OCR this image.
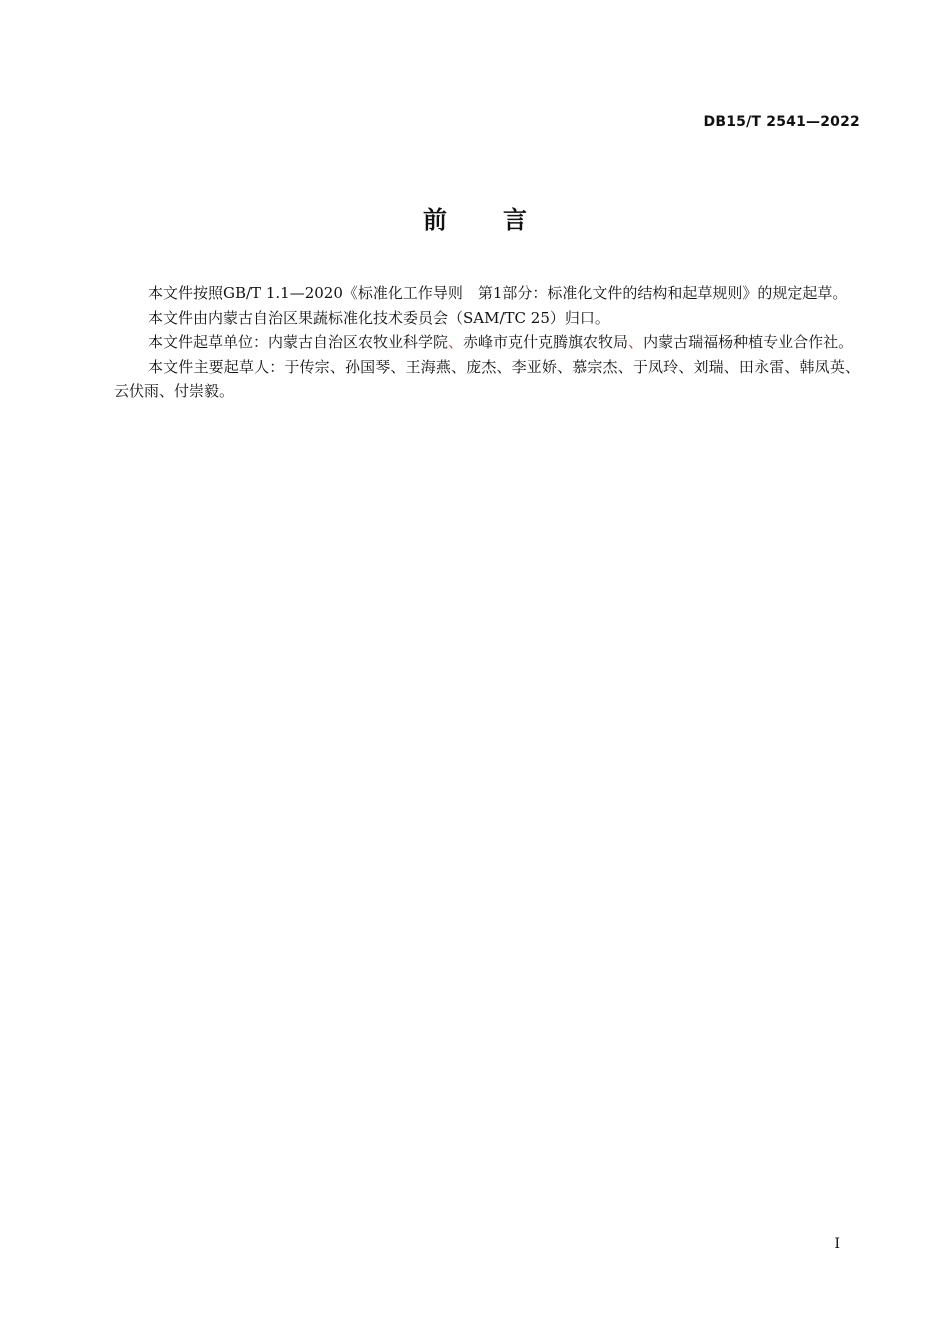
DB15/T 2541—2022
前 言

本文件按照GB/T 1.1—2020《标准化工作导则　第1部分：标准化文件的结构和起草规则》的规定起草。

本文件由内蒙古自治区果蔬标准化技术委员会（SAM/TC 25）归口。

本文件起草单位：内蒙古自治区农牧业科学院、赤峰市克什克腾旗农牧局、内蒙古瑞福杨种植专业合作社。

本文件主要起草人：于传宗、孙国琴、王海燕、庞杰、李亚娇、慕宗杰、于凤玲、刘瑞、田永雷、韩凤英、云伏雨、付崇毅。

I
